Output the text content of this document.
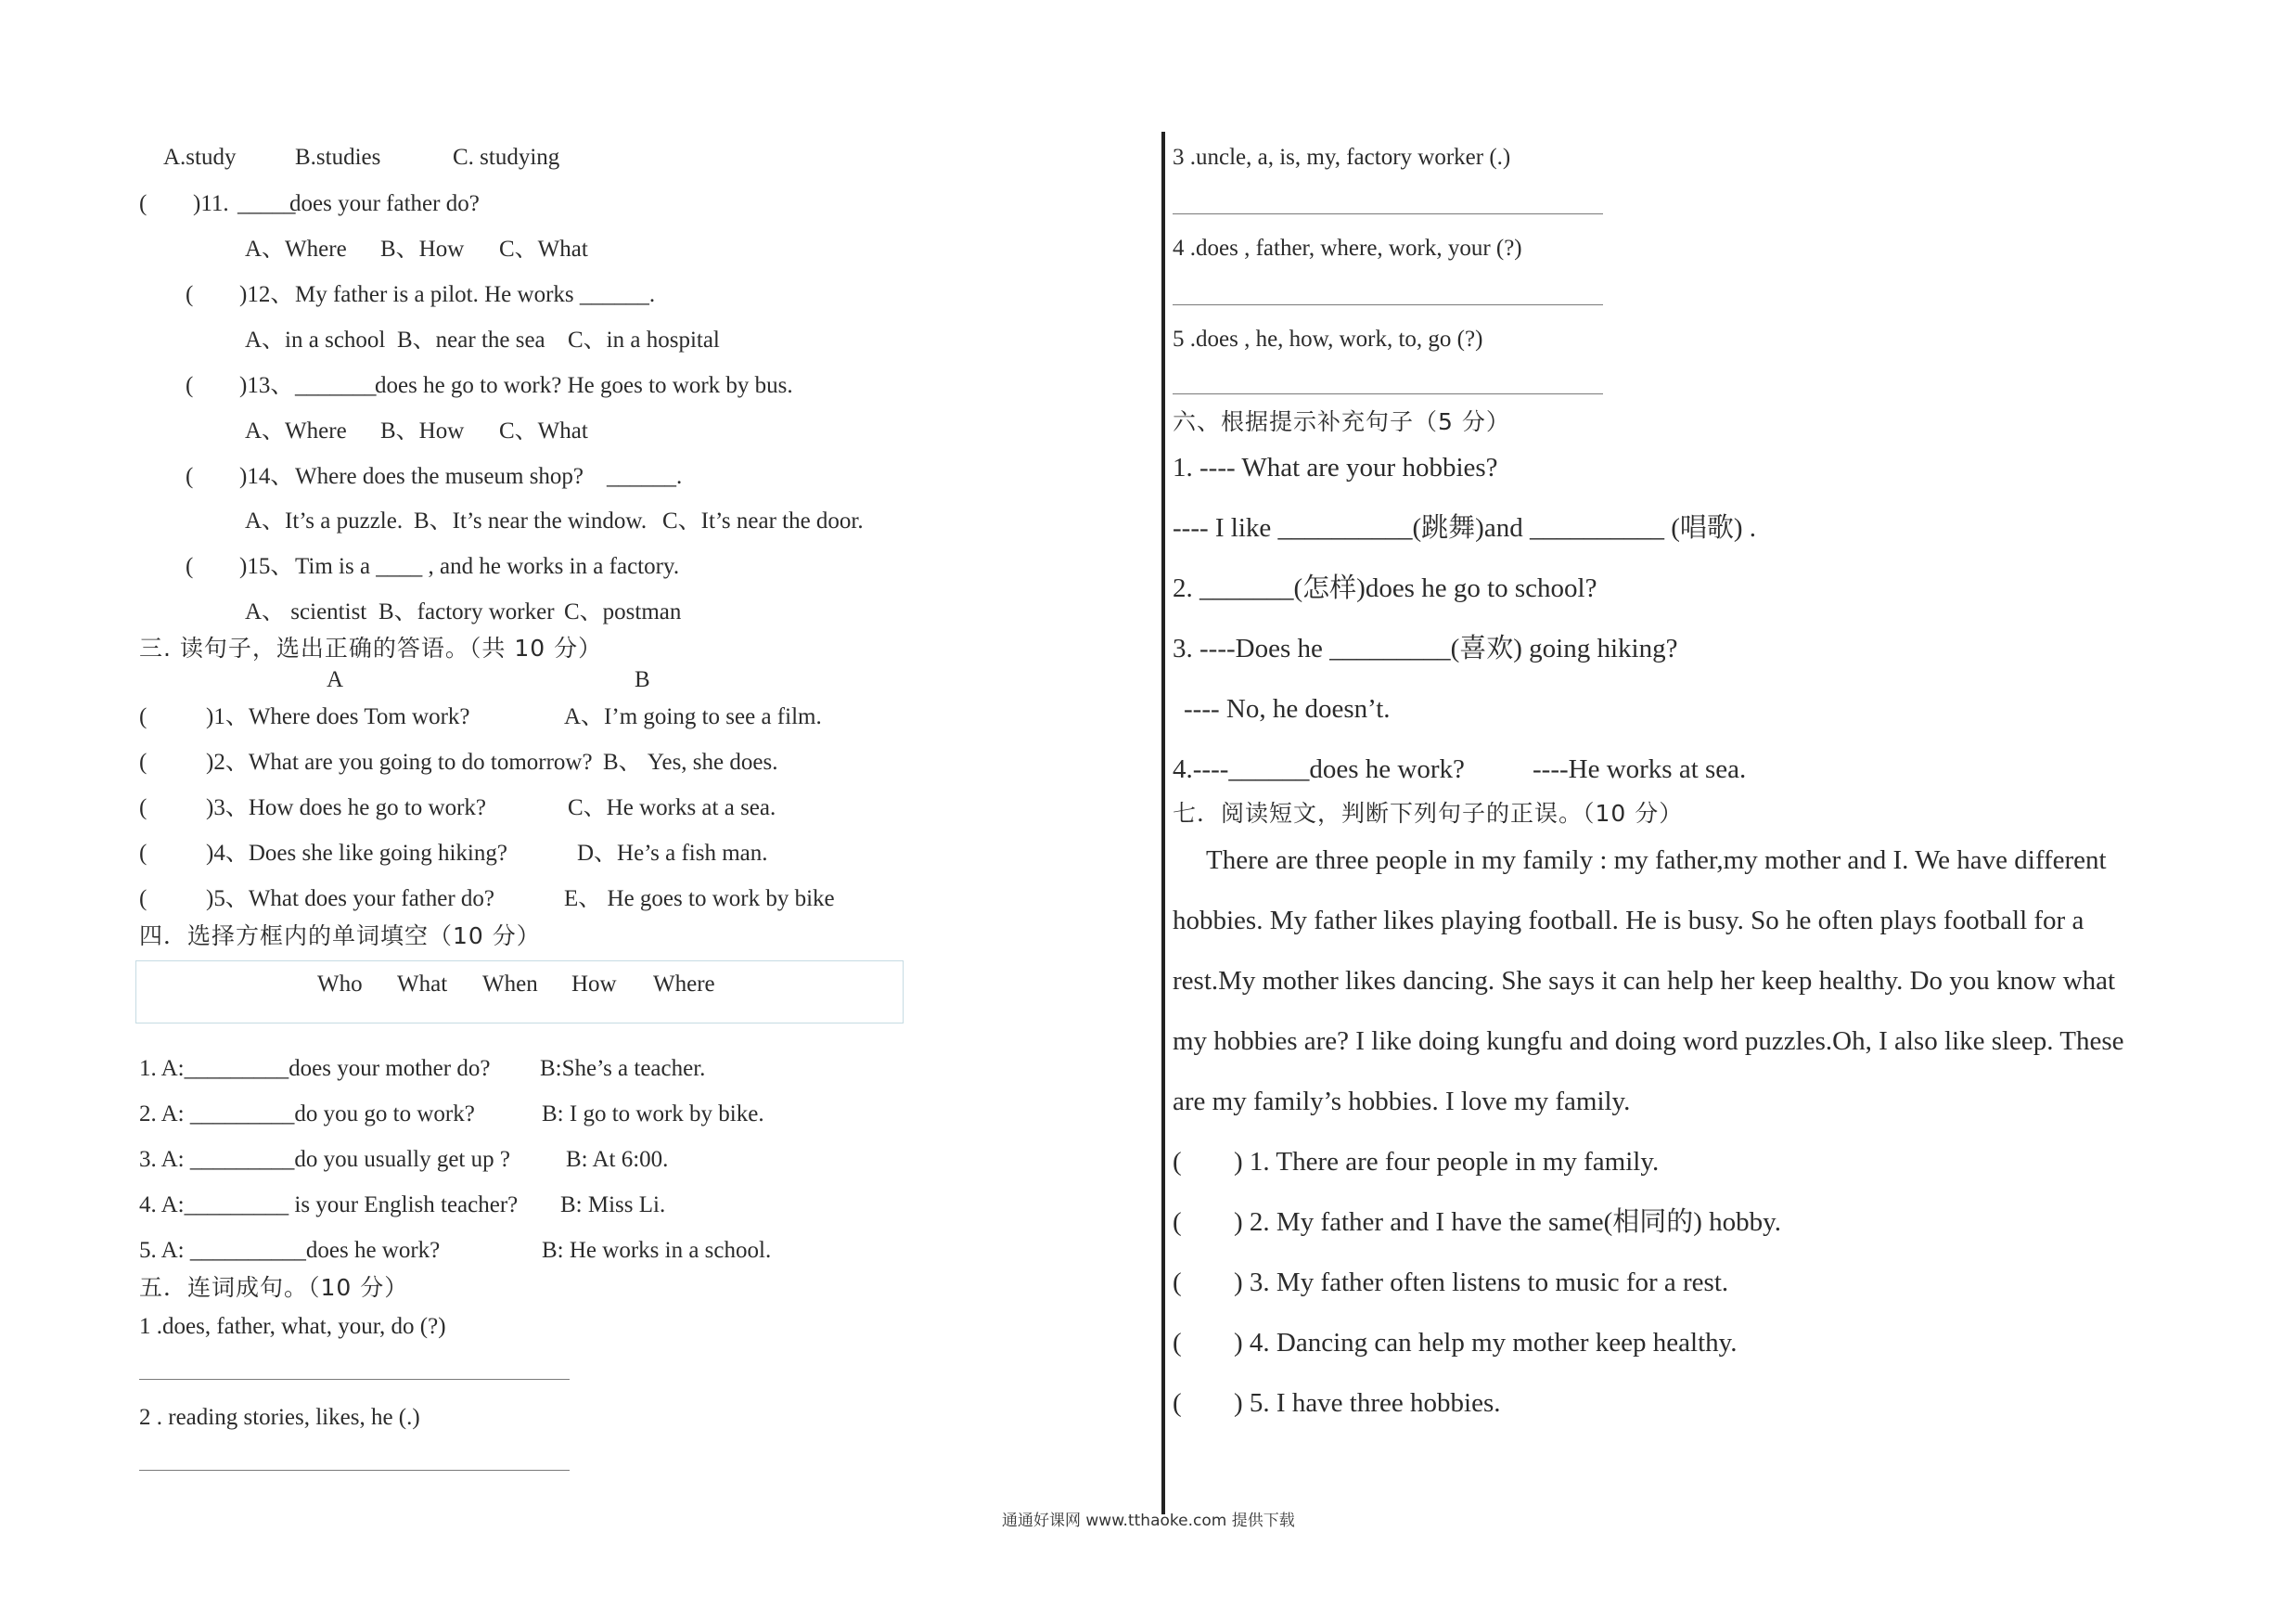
A.study	B.studies	C. studying
( )11. _____
does your father do?
A、Where B、How C、What
( )12、 My father is a pilot. He works ______.
A、in a school B、near the sea C、in a hospital
( )13、 _______
does he go to work? He goes to work by bus.
A、Where B、How C、What
( )14、 Where does the museum shop? ______.
A、It’s a puzzle. B、It’s near the window. C、It’s near the door.
( )15、 Tim is a ____ , and he works in a factory.
A、 scientist B、factory worker C、postman
三. 读句子，选出正确的答语。（共 10 分）
A	B
(	)1、Where does Tom work?	A、I’m going to see a film.
(	)2、What are you going to do tomorrow? B、 Yes, she does.
(	)3、How does he go to work?	C、He works at a sea.
(	)4、Does she like going hiking?	D、He’s a fish man.
(	)5、What does your father do?	E、 He goes to work by bike
四．选择方框内的单词填空（10 分）
Who What When How Where
1. A:_________does your mother do? B:She’s a teacher.
2. A: _________do you go to work?	B: I go to work by bike.
3. A: _________do you usually get up ? B: At 6:00.
4. A:_________ is your English teacher? B: Miss Li.
5. A: __________does he work?	B: He works in a school.
五．连词成句。（10 分）
1 .does, father, what, your, do (?)
2 . reading stories, likes, he (.)
3 .uncle, a, is, my, factory worker (.)
4 .does , father, where, work, your (?)
5 .does , he, how, work, to, go (?)
六、根据提示补充句子（5 分）
1. ---- What are your hobbies?
---- I like __________(跳舞)and __________ (唱歌) .
2. _______(怎样)does he go to school?
3. ----Does he _________(喜欢) going hiking?
---- No, he doesn’t.
4.----______does he work?	----He works at sea.
七．阅读短文，判断下列句子的正误。（10 分）
There are three people in my family : my father,my mother and I. We have different
hobbies. My father likes playing football. He is busy. So he often plays football for a
rest.My mother likes dancing. She says it can help her keep healthy. Do you know what
my hobbies are? I like doing kungfu and doing word puzzles.Oh, I also like sleep. These
are my family’s hobbies. I love my family.
( ) 1. There are four people in my family.
( ) 2. My father and I have the same(相同的) hobby.
( ) 3. My father often listens to music for a rest.
( ) 4. Dancing can help my mother keep healthy.
( ) 5. I have three hobbies.
通通好课网 www.tthaoke.com 提供下载
